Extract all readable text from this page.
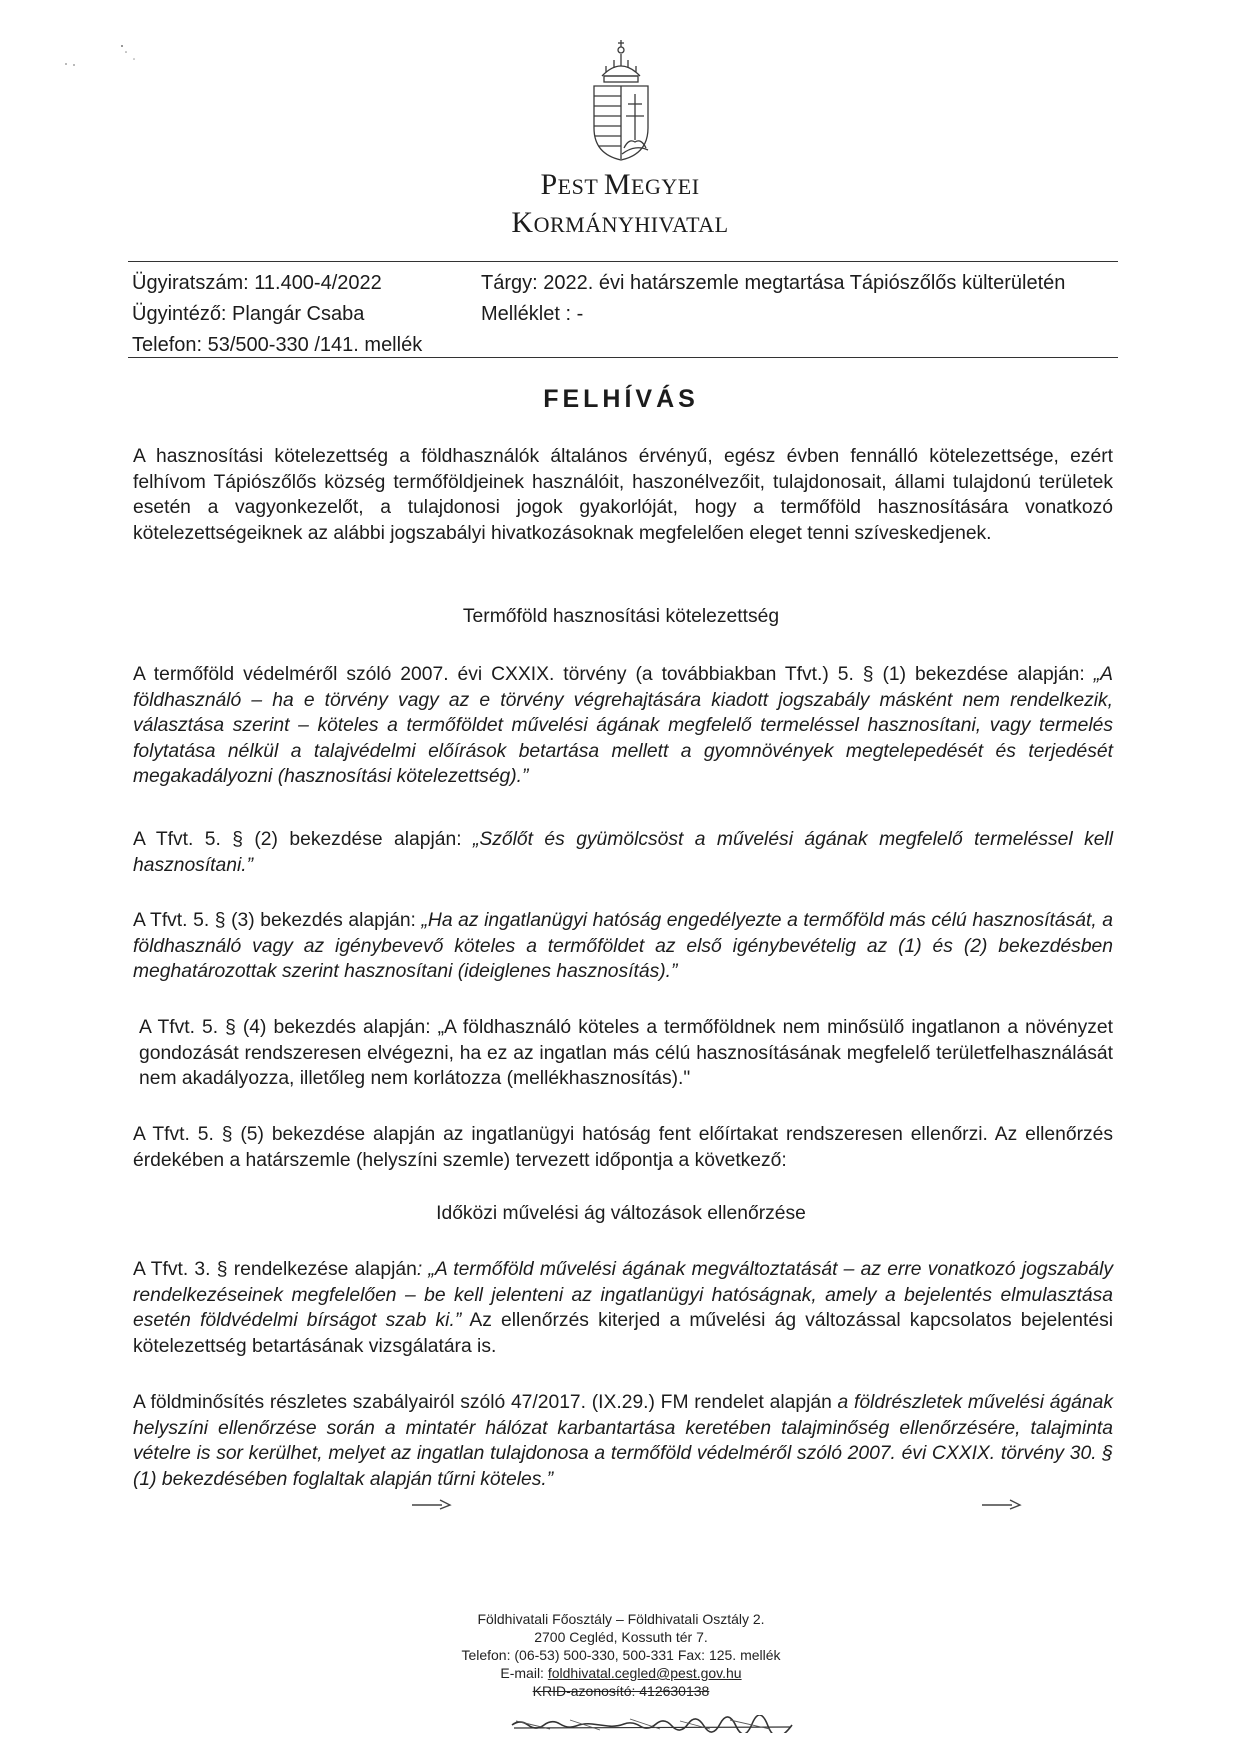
PEST MEGYEI
KORMÁNYHIVATAL
Ügyiratszám: 11.400-4/2022
Ügyintéző: Plangár Csaba
Telefon: 53/500-330 /141. mellék
Tárgy: 2022. évi határszemle megtartása Tápiószőlős külterületén
Melléklet : -
FELHÍVÁS
A hasznosítási kötelezettség a földhasználók általános érvényű, egész évben fennálló kötelezettsége, ezért felhívom Tápiószőlős község termőföldjeinek használóit, haszonélvezőit, tulajdonosait, állami tulajdonú területek esetén a vagyonkezelőt, a tulajdonosi jogok gyakorlóját, hogy a termőföld hasznosítására vonatkozó kötelezettségeiknek az alábbi jogszabályi hivatkozásoknak megfelelően eleget tenni szíveskedjenek.
Termőföld hasznosítási kötelezettség
A termőföld védelméről szóló 2007. évi CXXIX. törvény (a továbbiakban Tfvt.) 5. § (1) bekezdése alapján: „A földhasználó – ha e törvény vagy az e törvény végrehajtására kiadott jogszabály másként nem rendelkezik, választása szerint – köteles a termőföldet művelési ágának megfelelő termeléssel hasznosítani, vagy termelés folytatása nélkül a talajvédelmi előírások betartása mellett a gyomnövények megtelepedését és terjedését megakadályozni (hasznosítási kötelezettség).”
A Tfvt. 5. § (2) bekezdése alapján: „Szőlőt és gyümölcsöst a művelési ágának megfelelő termeléssel kell hasznosítani.”
A Tfvt. 5. § (3) bekezdés alapján: „Ha az ingatlanügyi hatóság engedélyezte a termőföld más célú hasznosítását, a földhasználó vagy az igénybevevő köteles a termőföldet az első igénybevételig az (1) és (2) bekezdésben meghatározottak szerint hasznosítani (ideiglenes hasznosítás).”
A Tfvt. 5. § (4) bekezdés alapján: „A földhasználó köteles a termőföldnek nem minősülő ingatlanon a növényzet gondozását rendszeresen elvégezni, ha ez az ingatlan más célú hasznosításának megfelelő területfelhasználását nem akadályozza, illetőleg nem korlátozza (mellékhasznosítás)."
A Tfvt. 5. § (5) bekezdése alapján az ingatlanügyi hatóság fent előírtakat rendszeresen ellenőrzi. Az ellenőrzés érdekében a határszemle (helyszíni szemle) tervezett időpontja a következő:
Időközi művelési ág változások ellenőrzése
A Tfvt. 3. § rendelkezése alapján: „A termőföld művelési ágának megváltoztatását – az erre vonatkozó jogszabály rendelkezéseinek megfelelően – be kell jelenteni az ingatlanügyi hatóságnak, amely a bejelentés elmulasztása esetén földvédelmi bírságot szab ki.” Az ellenőrzés kiterjed a művelési ág változással kapcsolatos bejelentési kötelezettség betartásának vizsgálatára is.
A földminősítés részletes szabályairól szóló 47/2017. (IX.29.) FM rendelet alapján a földrészletek művelési ágának helyszíni ellenőrzése során a mintatér hálózat karbantartása keretében talajminőség ellenőrzésére, talajminta vételre is sor kerülhet, melyet az ingatlan tulajdonosa a termőföld védelméről szóló 2007. évi CXXIX. törvény 30. § (1) bekezdésében foglaltak alapján tűrni köteles.”
Földhivatali Főosztály – Földhivatali Osztály 2.
2700 Cegléd, Kossuth tér 7.
Telefon: (06-53) 500-330, 500-331 Fax: 125. mellék
E-mail: foldhivatal.cegled@pest.gov.hu
KRID-azonosító: 412630138
